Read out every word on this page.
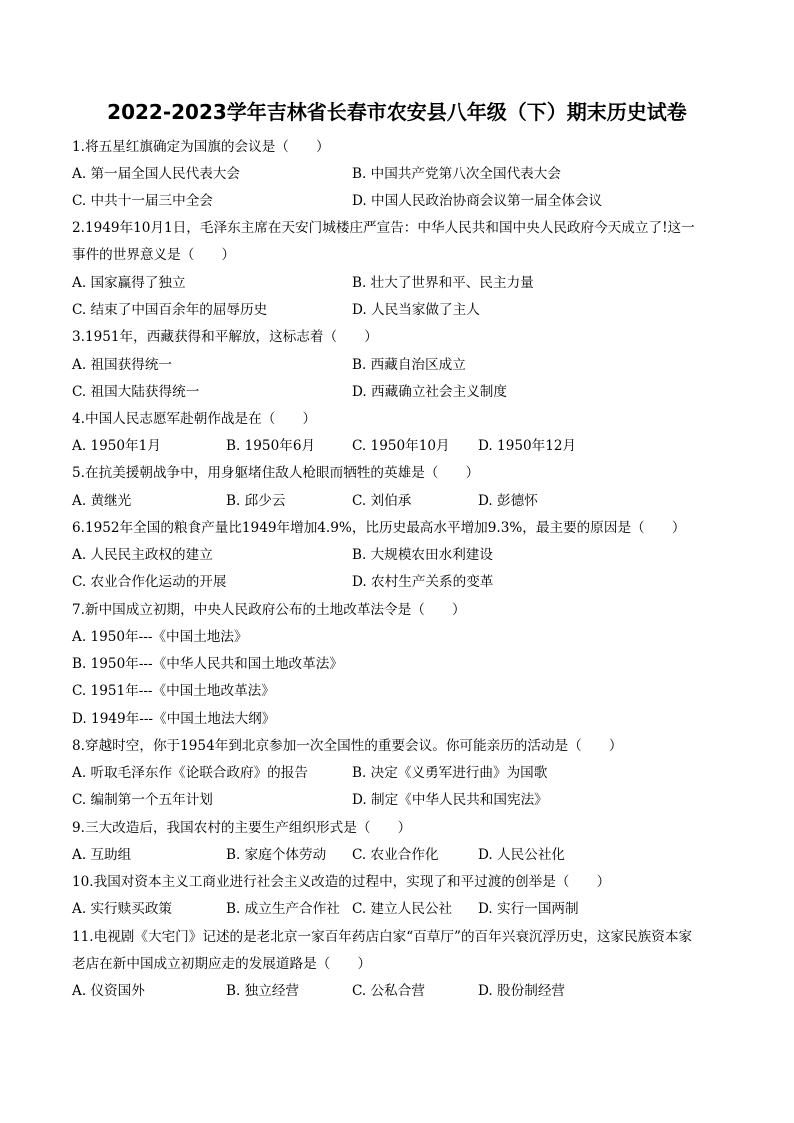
2022-2023学年吉林省长春市农安县八年级（下）期末历史试卷
1.将五星红旗确定为国旗的会议是（　　）
A. 第一届全国人民代表大会	B. 中国共产党第八次全国代表大会
C. 中共十一届三中全会	D. 中国人民政治协商会议第一届全体会议
2.1949年10月1日，毛泽东主席在天安门城楼庄严宣告：中华人民共和国中央人民政府今天成立了!这一
事件的世界意义是（　　）
A. 国家赢得了独立	B. 壮大了世界和平、民主力量
C. 结束了中国百余年的屈辱历史	D. 人民当家做了主人
3.1951年，西藏获得和平解放，这标志着（　　）
A. 祖国获得统一	B. 西藏自治区成立
C. 祖国大陆获得统一	D. 西藏确立社会主义制度
4.中国人民志愿军赴朝作战是在（　　）
A. 1950年1月	B. 1950年6月	C. 1950年10月 D. 1950年12月
5.在抗美援朝战争中，用身躯堵住敌人枪眼而牺牲的英雄是（　　）
A. 黄继光	B. 邱少云	C. 刘伯承	D. 彭德怀
6.1952年全国的粮食产量比1949年增加4.9%，比历史最高水平增加9.3%，最主要的原因是（　　）
A. 人民民主政权的建立	B. 大规模农田水利建设
C. 农业合作化运动的开展	D. 农村生产关系的变革
7.新中国成立初期，中央人民政府公布的土地改革法令是（　　）
A. 1950年---《中国土地法》
B. 1950年---《中华人民共和国土地改革法》
C. 1951年---《中国土地改革法》
D. 1949年---《中国土地法大纲》
8.穿越时空，你于1954年到北京参加一次全国性的重要会议。你可能亲历的活动是（　　）
A. 听取毛泽东作《论联合政府》的报告	B. 决定《义勇军进行曲》为国歌
C. 编制第一个五年计划	D. 制定《中华人民共和国宪法》
9.三大改造后，我国农村的主要生产组织形式是（　　）
A. 互助组	B. 家庭个体劳动 C. 农业合作化	D. 人民公社化
10.我国对资本主义工商业进行社会主义改造的过程中，实现了和平过渡的创举是（　　）
A. 实行赎买政策	B. 成立生产合作社 C. 建立人民公社 D. 实行一国两制
11.电视剧《大宅门》记述的是老北京一家百年药店白家“百草厅”的百年兴衰沉浮历史，这家民族资本家
老店在新中国成立初期应走的发展道路是（　　）
A. 仪资国外	B. 独立经营	C. 公私合营	D. 股份制经营
